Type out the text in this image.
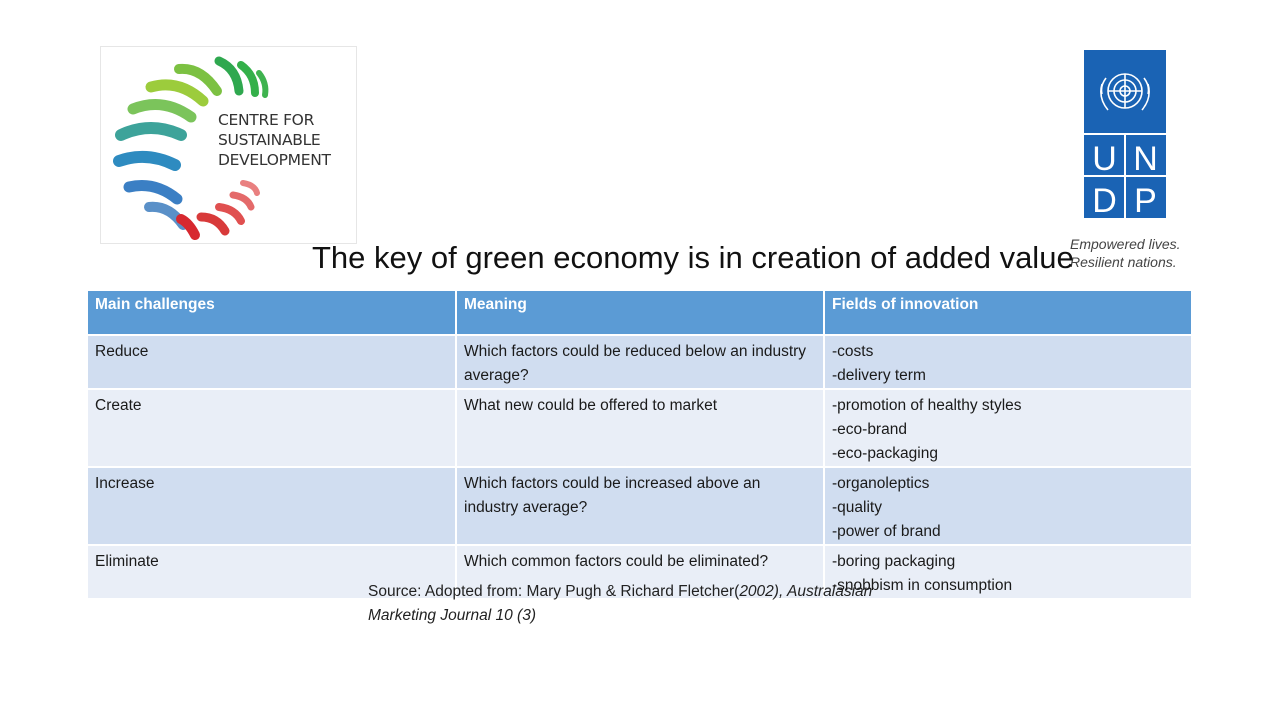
CENTRE FOR
SUSTAINABLE
DEVELOPMENT	U N
D P
Empowered lives.
Resilient nations.
The key of green economy is in creation of added value
Main challenges	Meaning	Fields of innovation
Reduce	Which factors could be reduced below an industry average?	-costs
-delivery term

Create	What new could be offered to market	-promotion of healthy styles
-eco-brand
-eco-packaging

Increase	Which factors could be increased above an industry average?	-organoleptics
-quality
-power of brand

Eliminate	Which common factors could be eliminated?	-boring packaging
-snobbism in consumption
Source: Adopted from: Mary Pugh & Richard Fletcher(2002), Australasian
Marketing Journal 10 (3)
